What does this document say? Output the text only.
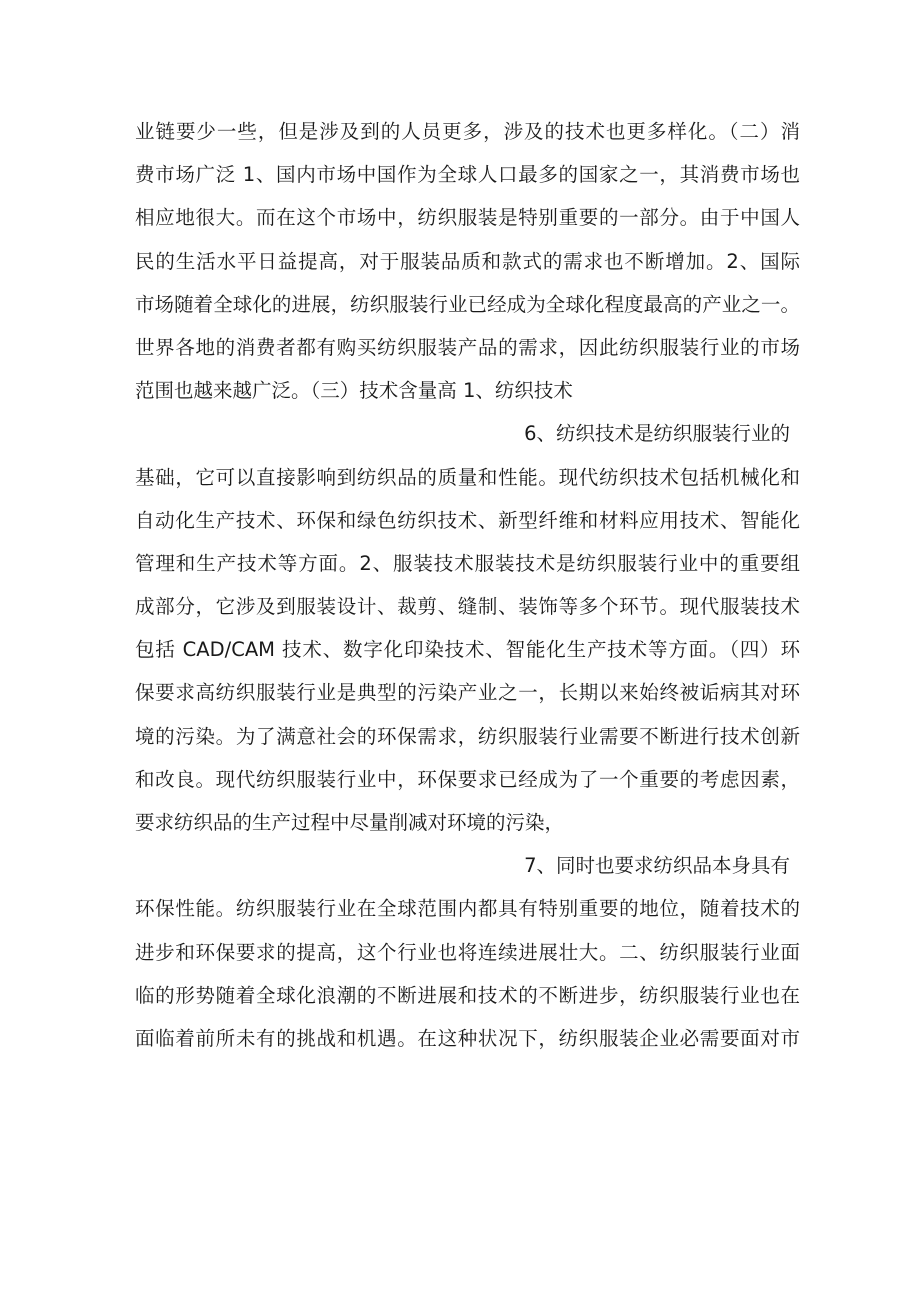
业链要少一些，但是涉及到的人员更多，涉及的技术也更多样化。（二）消
费市场广泛 1、国内市场中国作为全球人口最多的国家之一，其消费市场也
相应地很大。而在这个市场中，纺织服装是特别重要的一部分。由于中国人
民的生活水平日益提高，对于服装品质和款式的需求也不断增加。2、国际
市场随着全球化的进展，纺织服装行业已经成为全球化程度最高的产业之一。
世界各地的消费者都有购买纺织服装产品的需求，因此纺织服装行业的市场
范围也越来越广泛。（三）技术含量高 1、纺织技术
6、纺织技术是纺织服装行业的
基础，它可以直接影响到纺织品的质量和性能。现代纺织技术包括机械化和
自动化生产技术、环保和绿色纺织技术、新型纤维和材料应用技术、智能化
管理和生产技术等方面。2、服装技术服装技术是纺织服装行业中的重要组
成部分，它涉及到服装设计、裁剪、缝制、装饰等多个环节。现代服装技术
包括 CAD/CAM 技术、数字化印染技术、智能化生产技术等方面。（四）环
保要求高纺织服装行业是典型的污染产业之一，长期以来始终被诟病其对环
境的污染。为了满意社会的环保需求，纺织服装行业需要不断进行技术创新
和改良。现代纺织服装行业中，环保要求已经成为了一个重要的考虑因素，
要求纺织品的生产过程中尽量削减对环境的污染，
7、同时也要求纺织品本身具有
环保性能。纺织服装行业在全球范围内都具有特别重要的地位，随着技术的
进步和环保要求的提高，这个行业也将连续进展壮大。二、纺织服装行业面
临的形势随着全球化浪潮的不断进展和技术的不断进步，纺织服装行业也在
面临着前所未有的挑战和机遇。在这种状况下，纺织服装企业必需要面对市
